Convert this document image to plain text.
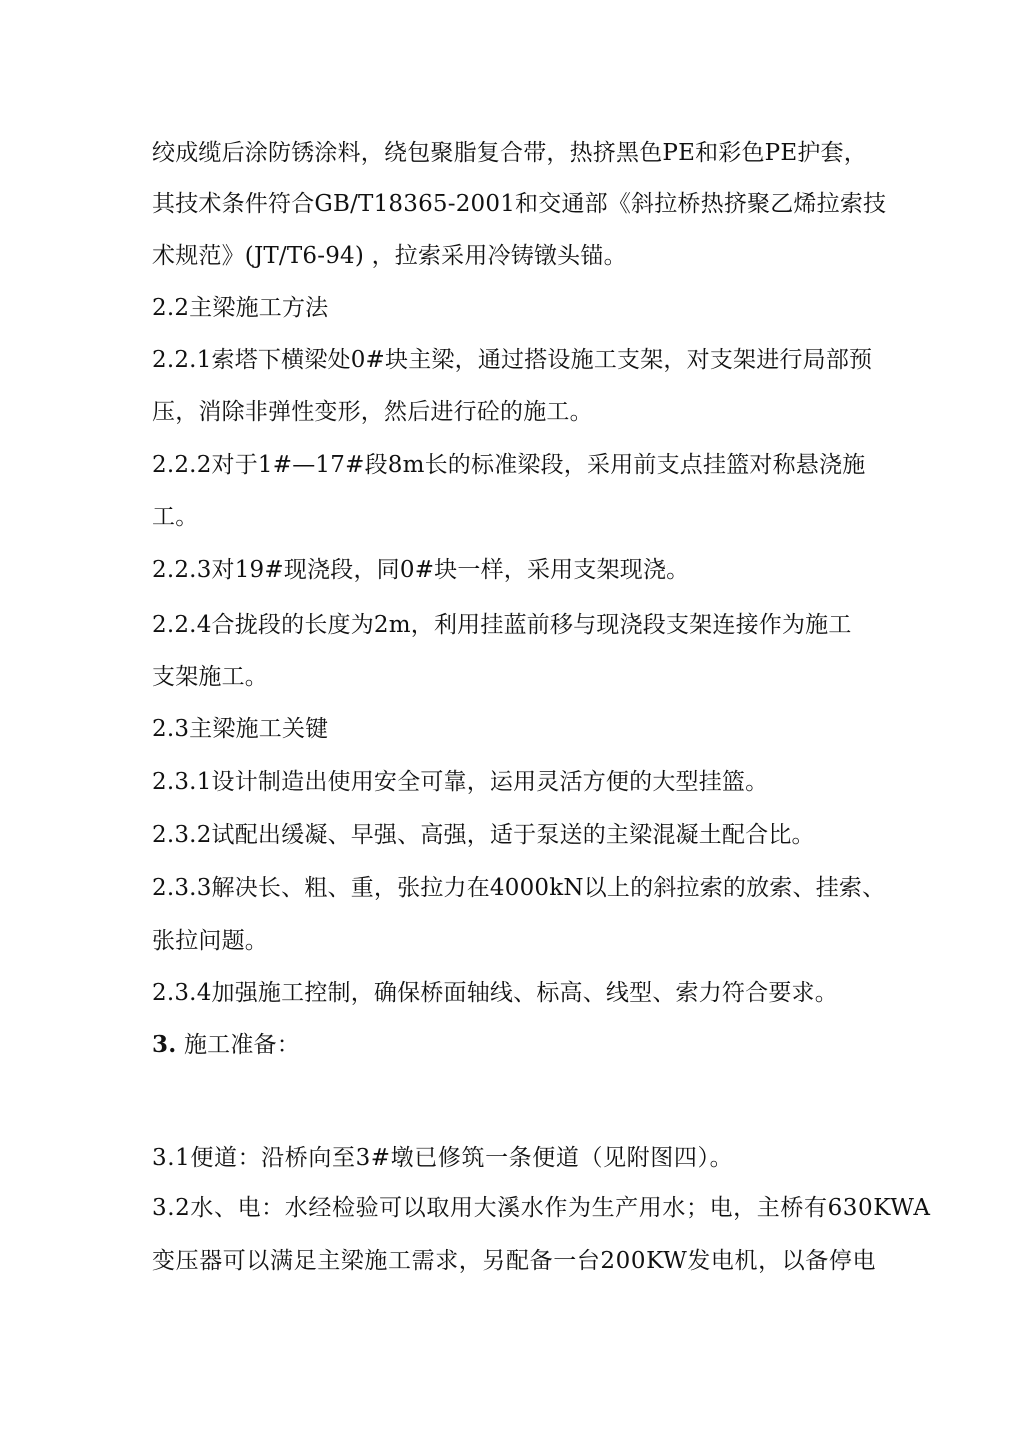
绞成缆后涂防锈涂料，绕包聚脂复合带，热挤黑色PE和彩色PE护套，
其技术条件符合GB/T18365-2001和交通部《斜拉桥热挤聚乙烯拉索技
术规范》(JT/T6-94) ，拉索采用冷铸镦头锚。
2.2主梁施工方法
2.2.1索塔下横梁处0#块主梁，通过搭设施工支架，对支架进行局部预
压，消除非弹性变形，然后进行砼的施工。
2.2.2对于1#—17#段8m长的标准梁段，采用前支点挂篮对称悬浇施
工。
2.2.3对19#现浇段，同0#块一样，采用支架现浇。
2.2.4合拢段的长度为2m，利用挂蓝前移与现浇段支架连接作为施工
支架施工。
2.3主梁施工关键
2.3.1设计制造出使用安全可靠，运用灵活方便的大型挂篮。
2.3.2试配出缓凝、早强、高强，适于泵送的主梁混凝土配合比。
2.3.3解决长、粗、重，张拉力在4000kN以上的斜拉索的放索、挂索、
张拉问题。
2.3.4加强施工控制，确保桥面轴线、标高、线型、索力符合要求。
3. 施工准备：
3.1便道：沿桥向至3#墩已修筑一条便道（见附图四）。
3.2水、电：水经检验可以取用大溪水作为生产用水；电，主桥有630KWA
变压器可以满足主梁施工需求，另配备一台200KW发电机，以备停电
